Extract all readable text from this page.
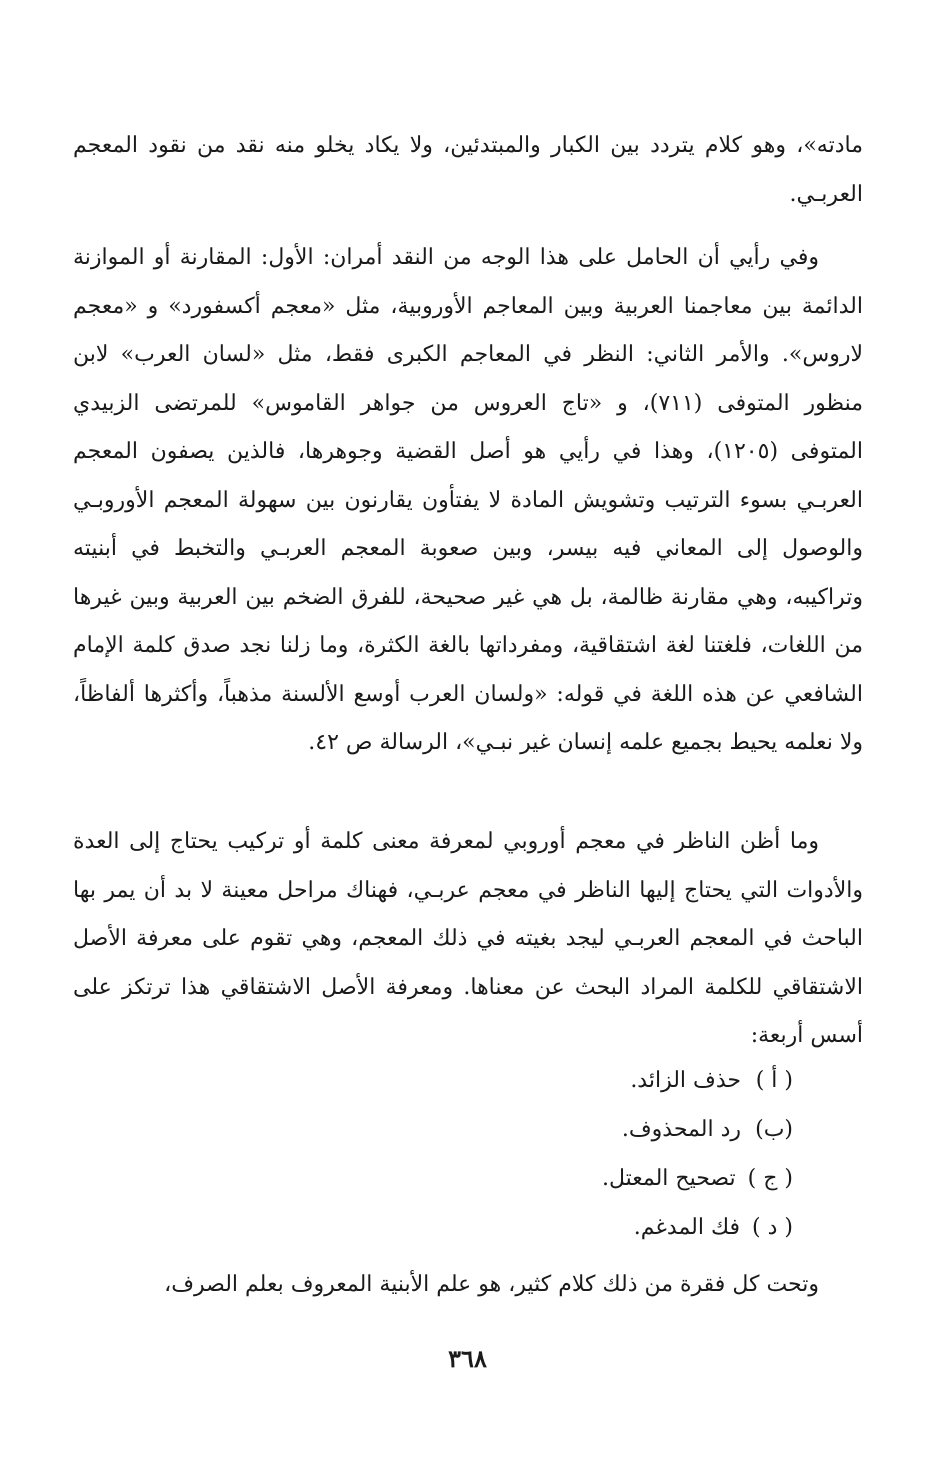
مادته»، وهو كلام يتردد بين الكبار والمبتدئين، ولا يكاد يخلو منه نقد من نقود المعجم العربـي.

وفي رأيي أن الحامل على هذا الوجه من النقد أمران: الأول: المقارنة أو الموازنة الدائمة بين معاجمنا العربية وبين المعاجم الأوروبية، مثل «معجم أكسفورد» و «معجم لاروس». والأمر الثاني: النظر في المعاجم الكبرى فقط، مثل «لسان العرب» لابن منظور المتوفى (٧١١)، و «تاج العروس من جواهر القاموس» للمرتضى الزبيدي المتوفى (١٢٠٥)، وهذا في رأيي هو أصل القضية وجوهرها، فالذين يصفون المعجم العربـي بسوء الترتيب وتشويش المادة لا يفتأون يقارنون بين سهولة المعجم الأوروبـي والوصول إلى المعاني فيه بيسر، وبين صعوبة المعجم العربـي والتخبط في أبنيته وتراكيبه، وهي مقارنة ظالمة، بل هي غير صحيحة، للفرق الضخم بين العربية وبين غيرها من اللغات، فلغتنا لغة اشتقاقية، ومفرداتها بالغة الكثرة، وما زلنا نجد صدق كلمة الإمام الشافعي عن هذه اللغة في قوله: «ولسان العرب أوسع الألسنة مذهباً، وأكثرها ألفاظاً، ولا نعلمه يحيط بجميع علمه إنسان غير نبـي»، الرسالة ص ٤٢.

وما أظن الناظر في معجم أوروبي لمعرفة معنى كلمة أو تركيب يحتاج إلى العدة والأدوات التي يحتاج إليها الناظر في معجم عربـي، فهناك مراحل معينة لا بد أن يمر بها الباحث في المعجم العربـي ليجد بغيته في ذلك المعجم، وهي تقوم على معرفة الأصل الاشتقاقي للكلمة المراد البحث عن معناها. ومعرفة الأصل الاشتقاقي هذا ترتكز على أسس أربعة:

( أ )حذف الزائد.
(ب)رد المحذوف.
( ج )تصحيح المعتل.
( د )فك المدغم.

وتحت كل فقرة من ذلك كلام كثير، هو علم الأبنية المعروف بعلم الصرف،

٣٦٨
